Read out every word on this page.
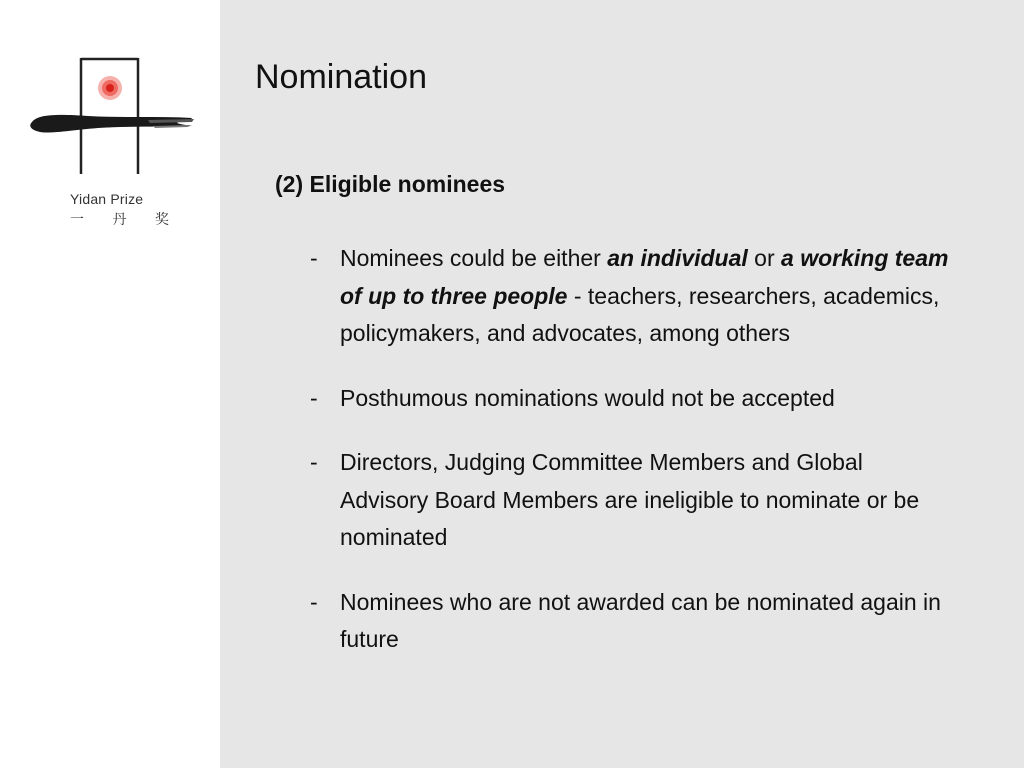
Yidan Prize
一 丹 奖
Nomination
(2) Eligible nominees
- Nominees could be either an individual or a working team of up to three people - teachers, researchers, academics, policymakers, and advocates, among others
- Posthumous nominations would not be accepted
- Directors, Judging Committee Members and Global Advisory Board Members are ineligible to nominate or be nominated
- Nominees who are not awarded can be nominated again in future
